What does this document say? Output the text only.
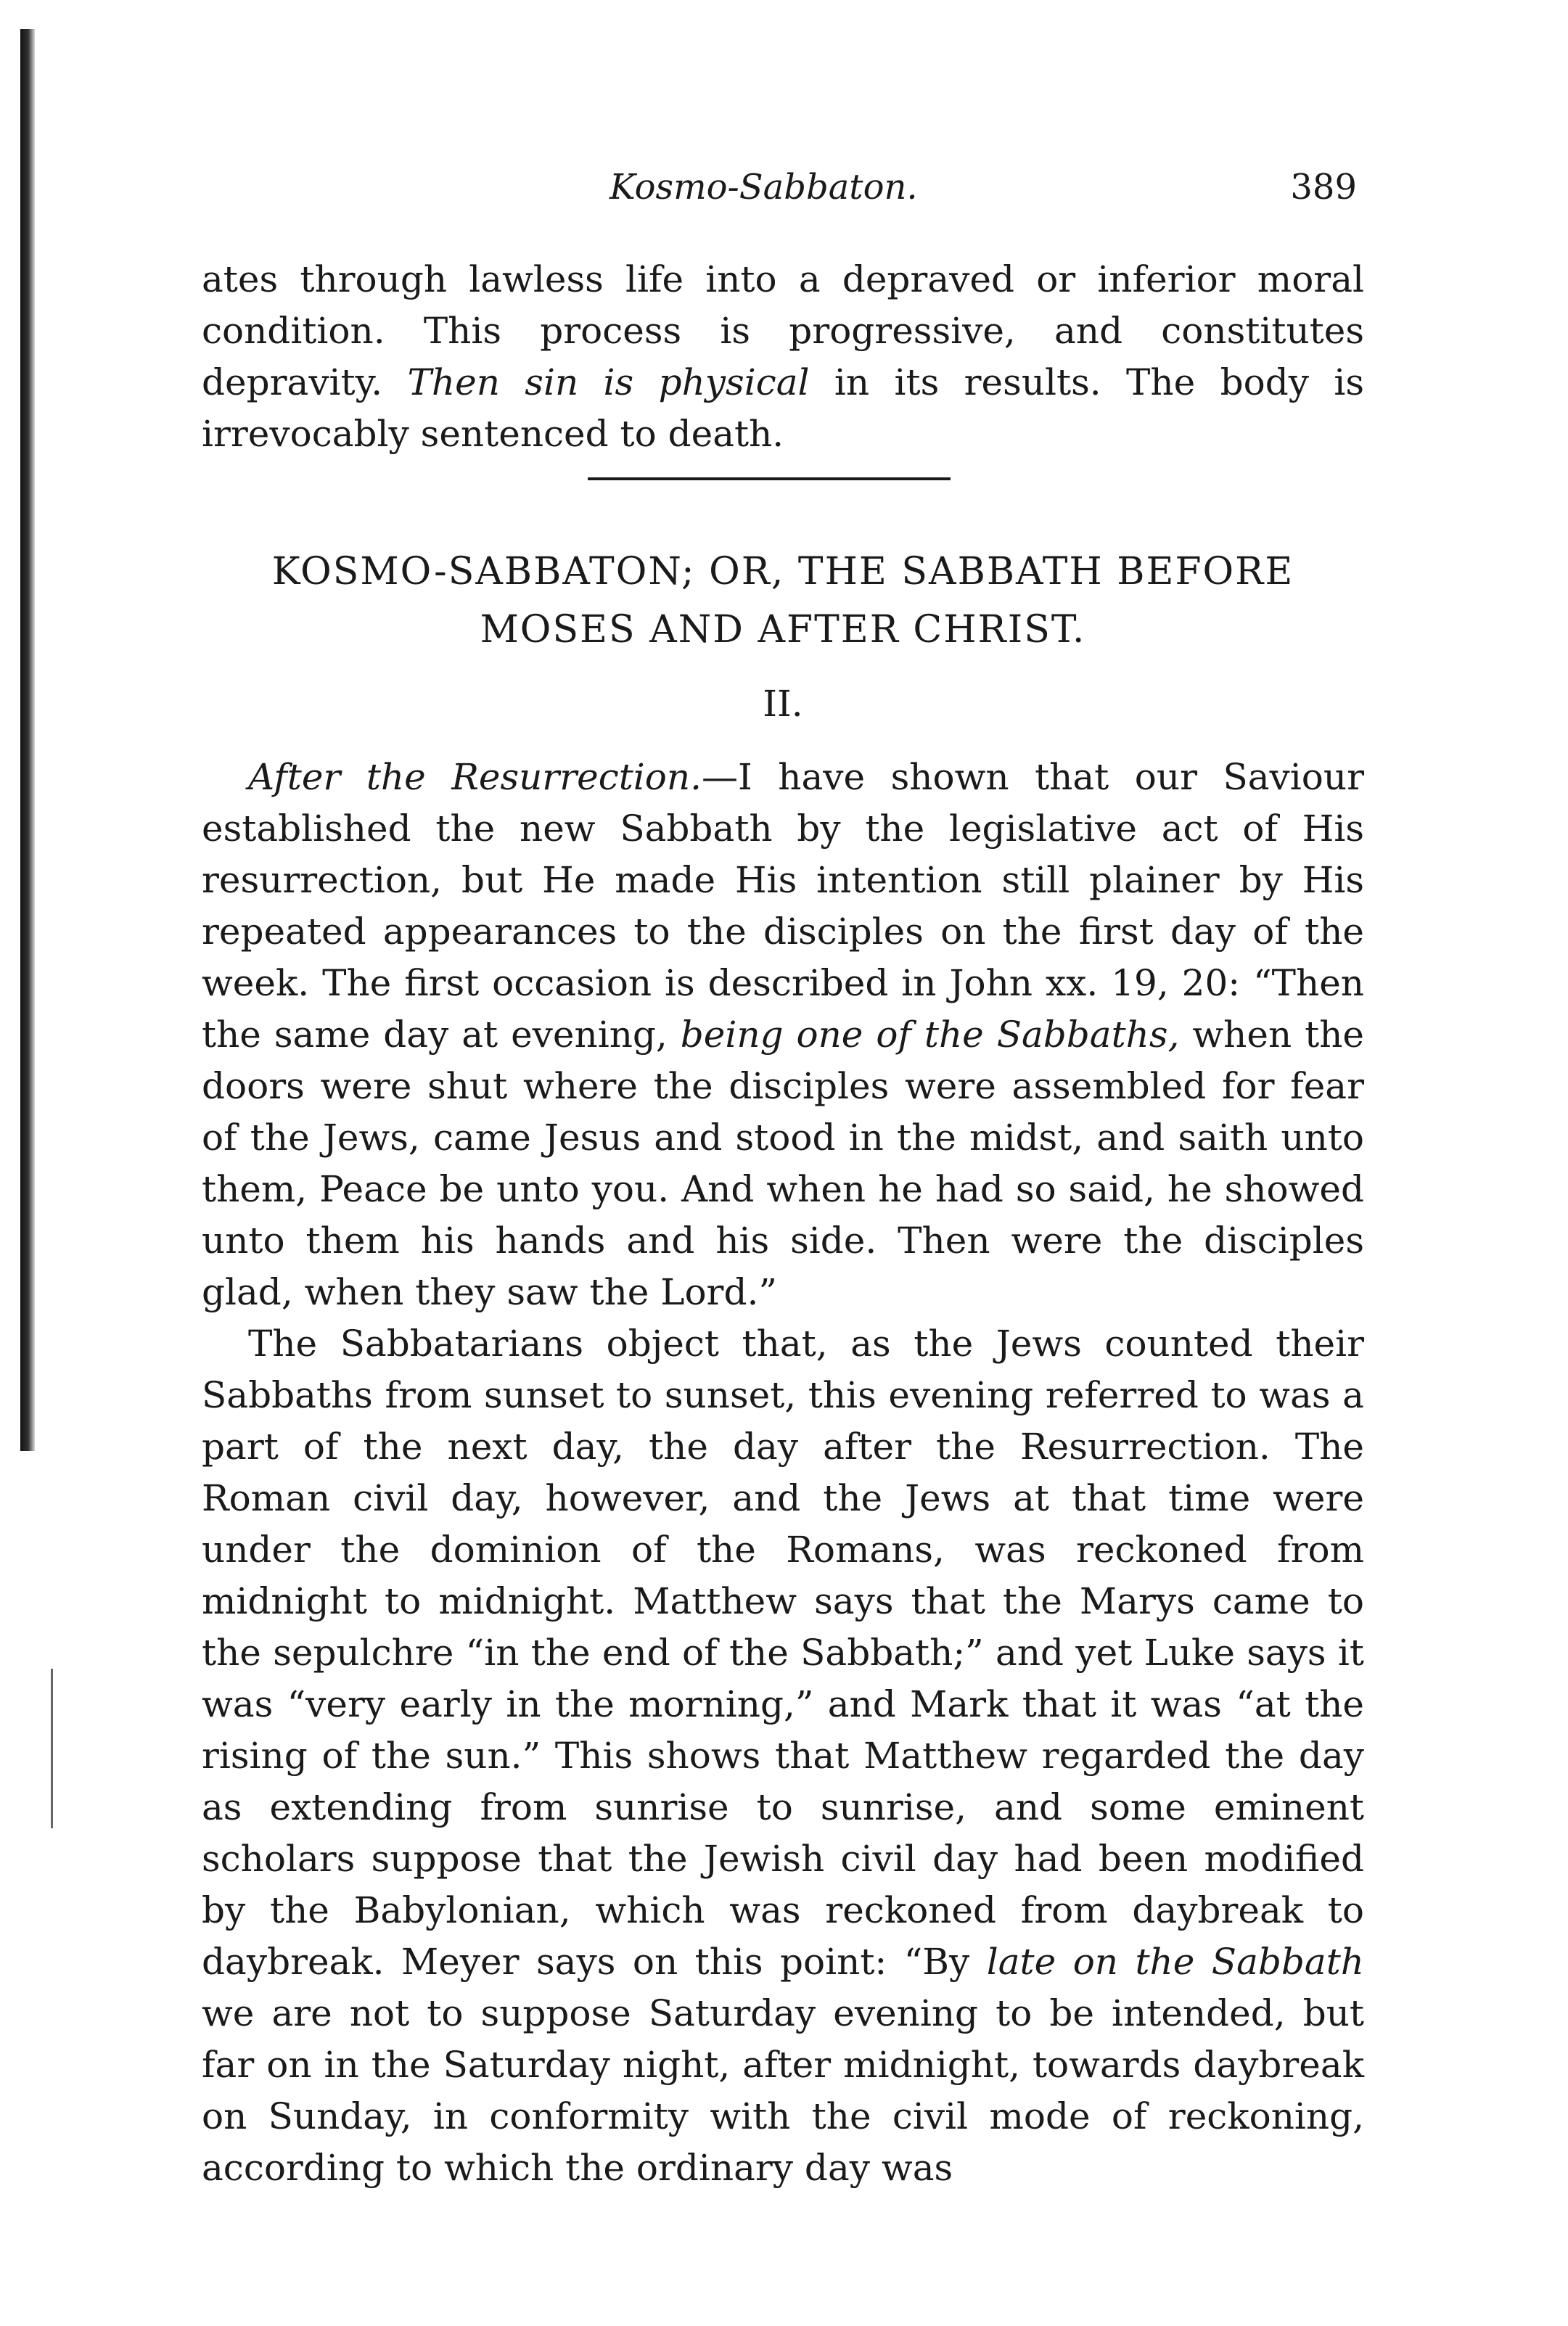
Kosmo-Sabbaton.	389

ates through lawless life into a depraved or inferior moral condition. This process is progressive, and constitutes depravity. Then sin is physical in its results. The body is irrevocably sentenced to death.

KOSMO-SABBATON; OR, THE SABBATH BEFORE MOSES AND AFTER CHRIST.
II.

After the Resurrection.—I have shown that our Saviour established the new Sabbath by the legislative act of His resurrection, but He made His intention still plainer by His repeated appearances to the disciples on the first day of the week. The first occasion is described in John xx. 19, 20: “Then the same day at evening, being one of the Sabbaths, when the doors were shut where the disciples were assembled for fear of the Jews, came Jesus and stood in the midst, and saith unto them, Peace be unto you. And when he had so said, he showed unto them his hands and his side. Then were the disciples glad, when they saw the Lord.”

The Sabbatarians object that, as the Jews counted their Sabbaths from sunset to sunset, this evening referred to was a part of the next day, the day after the Resurrection. The Roman civil day, however, and the Jews at that time were under the dominion of the Romans, was reckoned from midnight to midnight. Matthew says that the Marys came to the sepulchre “in the end of the Sabbath;” and yet Luke says it was “very early in the morning,” and Mark that it was “at the rising of the sun.” This shows that Matthew regarded the day as extending from sunrise to sunrise, and some eminent scholars suppose that the Jewish civil day had been modified by the Babylonian, which was reckoned from daybreak to daybreak. Meyer says on this point: “By late on the Sabbath we are not to suppose Saturday evening to be intended, but far on in the Saturday night, after midnight, towards daybreak on Sunday, in conformity with the civil mode of reckoning, according to which the ordinary day was
